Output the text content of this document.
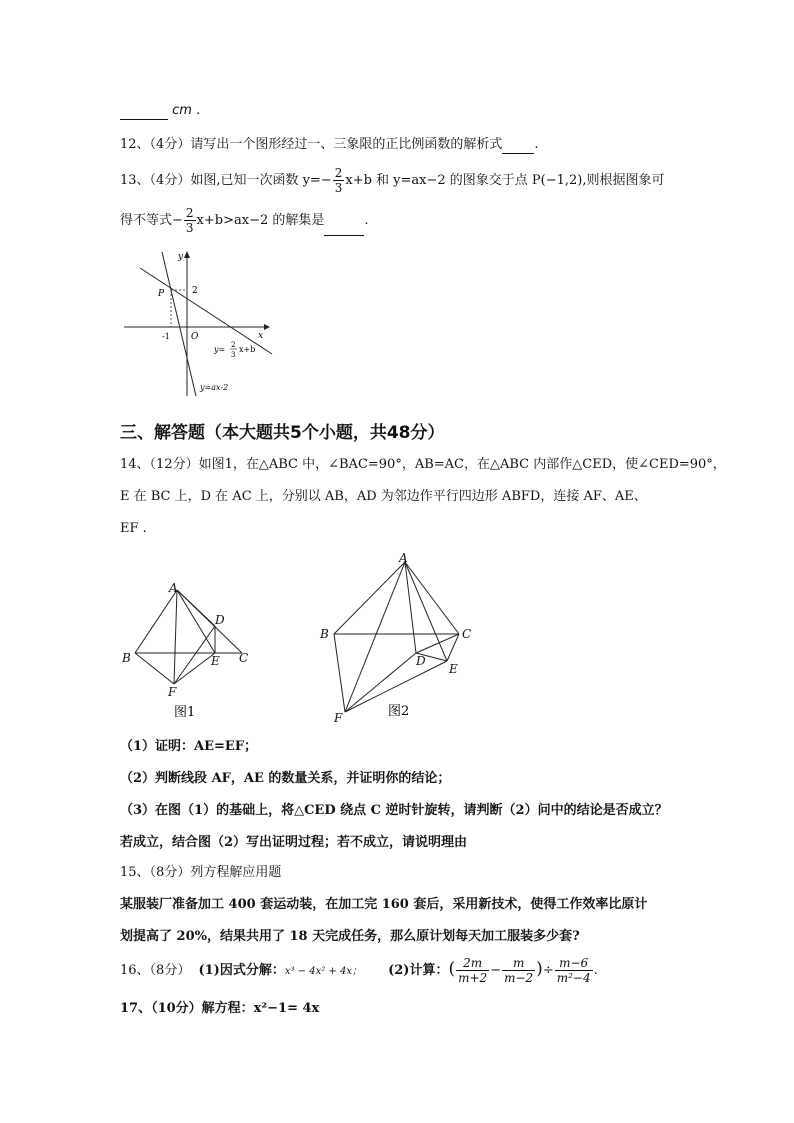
cm .
12、（4分）请写出一个图形经过一、三象限的正比例函数的解析式 .
13、（4分）如图,已知一次函数 $y=- \frac{2}{3} x+b$ 和 y=ax−2 的图象交于点 P(−1,2),则根据图象可
得不等式− $\frac{2}{3} x+b>ax-2$ 的解集是	.
y
x
O
P	2
-1
y= 2
3
x+b
y=ax-2
三、解答题（本大题共5个小题，共48分）
14、（12分）如图1，在△ABC 中，∠BAC=90°，AB=AC，在△ABC 内部作△CED，使∠CED=90°，
E 在 BC 上，D 在 AC 上，分别以 AB，AD 为邻边作平行四边形 ABFD，连接 AF、AE、
EF .
A
B	C
D
E
F
图1
A
B	C
D
E
F	图2
（1）证明：AE=EF；
（2）判断线段 AF，AE 的数量关系，并证明你的结论；
（3）在图（1）的基础上，将△CED 绕点 C 逆时针旋转，请判断（2）问中的结论是否成立？
若成立，结合图（2）写出证明过程；若不成立，请说明理由
15、（8分）列方程解应用题
某服装厂准备加工 400 套运动装，在加工完 160 套后，采用新技术，使得工作效率比原计
划提高了 20%，结果共用了 18 天完成任务，那么原计划每天加工服装多少套?
16、（8分） (1)因式分解：x³ − 4x² + 4x； (2)计算：( $\frac{2m}{m+2} - \frac{m}{m-2}$ )÷ $\frac{m-6}{\text{m²−4}}$ .
17、（10分）解方程：x²−1= 4x
